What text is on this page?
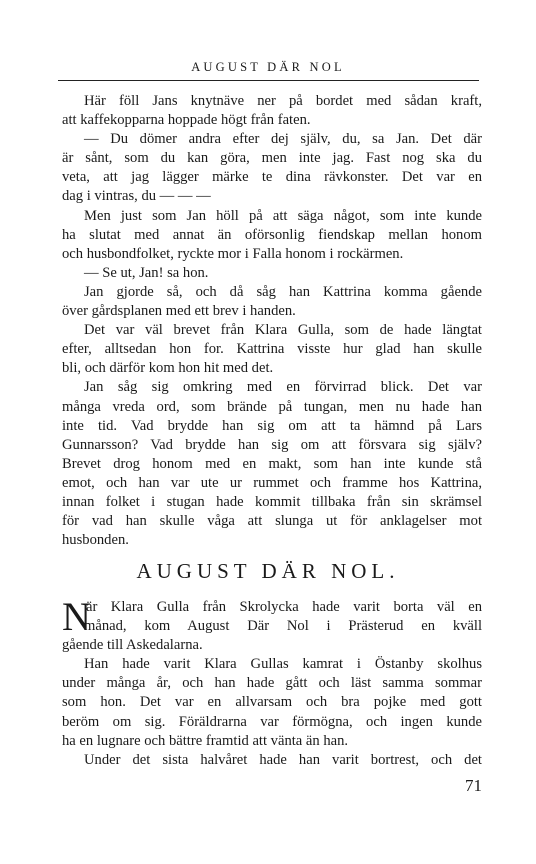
AUGUST DÄR NOL
Här föll Jans knytnäve ner på bordet med sådan kraft,
att kaffekopparna hoppade högt från faten.
— Du dömer andra efter dej själv, du, sa Jan. Det där
är sånt, som du kan göra, men inte jag. Fast nog ska du
veta, att jag lägger märke te dina rävkonster. Det var en
dag i vintras, du — — —
Men just som Jan höll på att säga något, som inte kunde
ha slutat med annat än oförsonlig fiendskap mellan honom
och husbondfolket, ryckte mor i Falla honom i rockärmen.
— Se ut, Jan! sa hon.
Jan gjorde så, och då såg han Kattrina komma gående
över gårdsplanen med ett brev i handen.
Det var väl brevet från Klara Gulla, som de hade längtat
efter, alltsedan hon for. Kattrina visste hur glad han skulle
bli, och därför kom hon hit med det.
Jan såg sig omkring med en förvirrad blick. Det var
många vreda ord, som brände på tungan, men nu hade han
inte tid. Vad brydde han sig om att ta hämnd på Lars
Gunnarsson? Vad brydde han sig om att försvara sig själv?
Brevet drog honom med en makt, som han inte kunde stå
emot, och han var ute ur rummet och framme hos Kattrina,
innan folket i stugan hade kommit tillbaka från sin skrämsel
för vad han skulle våga att slunga ut för anklagelser mot
husbonden.
AUGUST DÄR NOL.
N
är Klara Gulla från Skrolycka hade varit borta väl en
månad, kom August Där Nol i Prästerud en kväll
gående till Askedalarna.
Han hade varit Klara Gullas kamrat i Östanby skolhus
under många år, och han hade gått och läst samma sommar
som hon. Det var en allvarsam och bra pojke med gott
beröm om sig. Föräldrarna var förmögna, och ingen kunde
ha en lugnare och bättre framtid att vänta än han.
Under det sista halvåret hade han varit bortrest, och det
71
